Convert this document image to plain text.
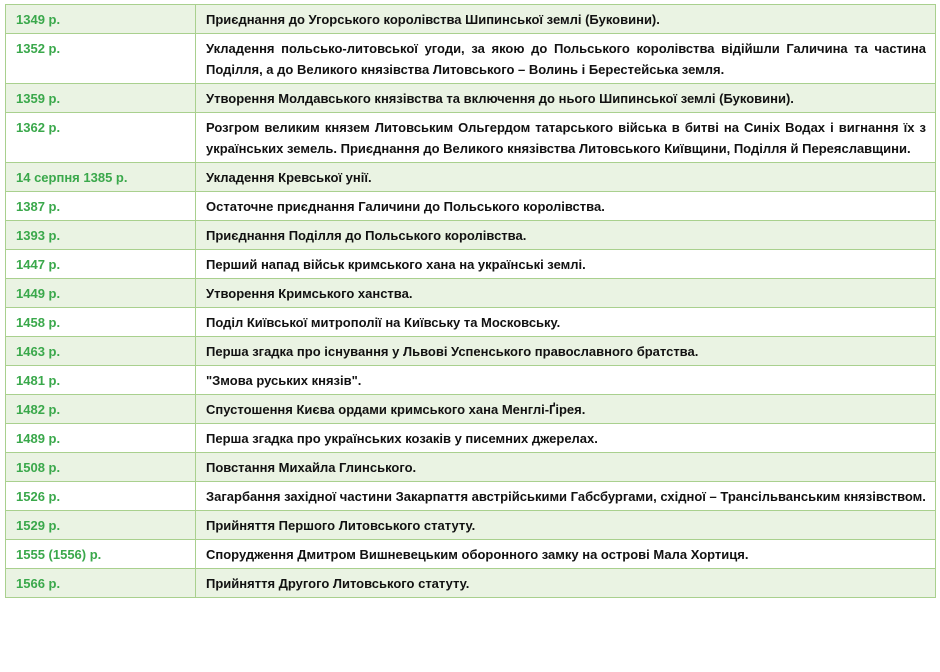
1349 р.	Приєднання до Угорського королівства Шипинської землі (Буковини).
1352 р.	Укладення польсько-литовської угоди, за якою до Польського королівства відійшли Галичина та частина Поділля, а до Великого князівства Литовського – Волинь і Берестейська земля.
1359 р.	Утворення Молдавського князівства та включення до нього Шипинської землі (Буковини).
1362 р.	Розгром великим князем Литовським Ольгердом татарського війська в битві на Синіх Водах і вигнання їх з українських земель. Приєднання до Великого князівства Литовського Київщини, Поділля й Переяславщини.
14 серпня 1385 р.	Укладення Кревської унії.
1387 р.	Остаточне приєднання Галичини до Польського королівства.
1393 р.	Приєднання Поділля до Польського королівства.
1447 р.	Перший напад військ кримського хана на українські землі.
1449 р.	Утворення Кримського ханства.
1458 р.	Поділ Київської митрополії на Київську та Московську.
1463 р.	Перша згадка про існування у Львові Успенського православного братства.
1481 р.	"Змова руських князів".
1482 р.	Спустошення Києва ордами кримського хана Менглі-Ґірея.
1489 р.	Перша згадка про українських козаків у писемних джерелах.
1508 р.	Повстання Михайла Глинського.
1526 р.	Загарбання західної частини Закарпаття австрійськими Габсбургами, східної – Трансільванським князівством.
1529 р.	Прийняття Першого Литовського статуту.
1555 (1556) р.	Спорудження Дмитром Вишневецьким оборонного замку на острові Мала Хортиця.
1566 р.	Прийняття Другого Литовського статуту.
